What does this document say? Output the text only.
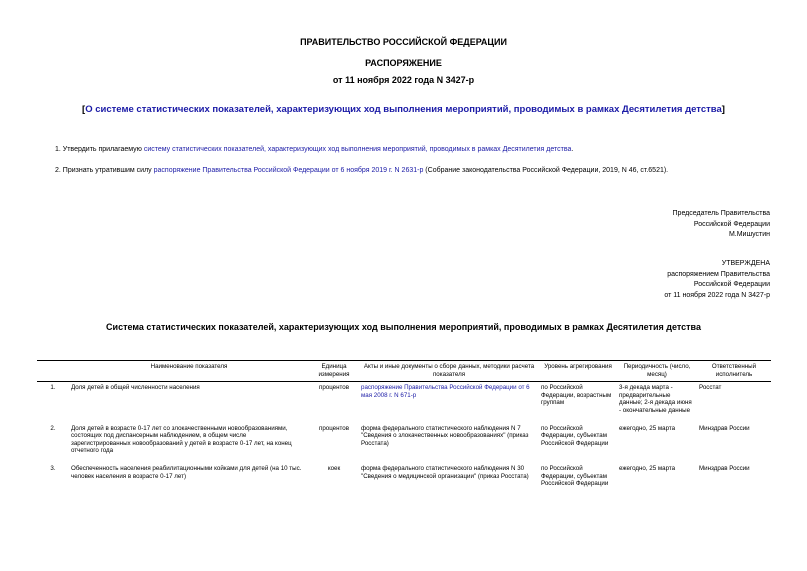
ПРАВИТЕЛЬСТВО РОССИЙСКОЙ ФЕДЕРАЦИИ
РАСПОРЯЖЕНИЕ
от 11 ноября 2022 года N 3427-р
[О системе статистических показателей, характеризующих ход выполнения мероприятий, проводимых в рамках Десятилетия детства]
1. Утвердить прилагаемую систему статистических показателей, характеризующих ход выполнения мероприятий, проводимых в рамках Десятилетия детства.
2. Признать утратившим силу распоряжение Правительства Российской Федерации от 6 ноября 2019 г. N 2631-р (Собрание законодательства Российской Федерации, 2019, N 46, ст.6521).
Председатель Правительства
Российской Федерации
М.Мишустин
УТВЕРЖДЕНА
распоряжением Правительства
Российской Федерации
от 11 ноября 2022 года N 3427-р
Система статистических показателей, характеризующих ход выполнения мероприятий, проводимых в рамках Десятилетия детства
	Наименование показателя	Единица измерения	Акты и иные документы о сборе данных, методики расчета показателя	Уровень агрегирования	Периодичность (число, месяц)	Ответственный исполнитель
1.	Доля детей в общей численности населения	процентов	распоряжение Правительства Российской Федерации от 6 мая 2008 г. N 671-р	по Российской Федерации, возрастным группам	3-я декада марта - предварительные данные; 2-я декада июня - окончательные данные	Росстат
2.	Доля детей в возрасте 0-17 лет со злокачественными новообразованиями, состоящих под диспансерным наблюдением, в общем числе зарегистрированных новообразований у детей в возрасте 0-17 лет, на конец отчетного года	процентов	форма федерального статистического наблюдения N 7 "Сведения о злокачественных новообразованиях" (приказ Росстата)	по Российской Федерации, субъектам Российской Федерации	ежегодно, 25 марта	Минздрав России
3.	Обеспеченность населения реабилитационными койками для детей (на 10 тыс. человек населения в возрасте 0-17 лет)	коек	форма федерального статистического наблюдения N 30 "Сведения о медицинской организации" (приказ Росстата)	по Российской Федерации, субъектам Российской Федерации	ежегодно, 25 марта	Минздрав России
